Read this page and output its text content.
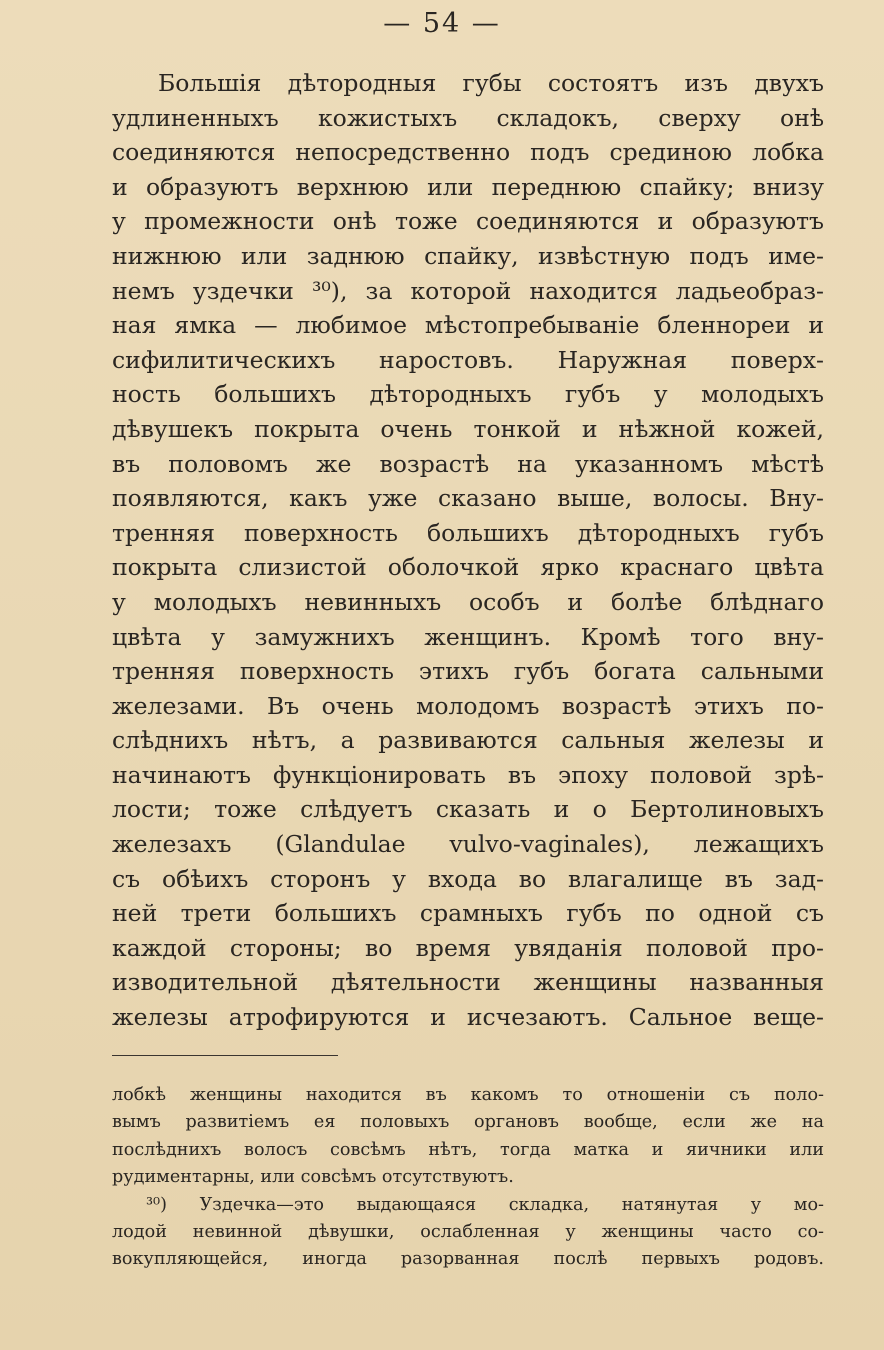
— 54 —
Большія дѣтородныя губы состоятъ изъ двухъ
удлиненныхъ кожистыхъ складокъ, сверху онѣ
соединяются непосредственно подъ срединою лобка
и образуютъ верхнюю или переднюю спайку; внизу
у промежности онѣ тоже соединяются и образуютъ
нижнюю или заднюю спайку, извѣстную подъ име-
немъ уздечки ³⁰), за которой находится ладьеобраз-
ная ямка — любимое мѣстопребываніе бленнореи и
сифилитическихъ наростовъ. Наружная поверх-
ность большихъ дѣтородныхъ губъ у молодыхъ
дѣвушекъ покрыта очень тонкой и нѣжной кожей,
въ половомъ же возрастѣ на указанномъ мѣстѣ
появляются, какъ уже сказано выше, волосы. Вну-
тренняя поверхность большихъ дѣтородныхъ губъ
покрыта слизистой оболочкой ярко краснаго цвѣта
у молодыхъ невинныхъ особъ и болѣе блѣднаго
цвѣта у замужнихъ женщинъ. Кромѣ того вну-
тренняя поверхность этихъ губъ богата сальными
железами. Въ очень молодомъ возрастѣ этихъ по-
слѣднихъ нѣтъ, а развиваются сальныя железы и
начинаютъ функціонировать въ эпоху половой зрѣ-
лости; тоже слѣдуетъ сказать и о Бертолиновыхъ
железахъ (Glandulae vulvo-vaginales), лежащихъ
съ обѣихъ сторонъ у входа во влагалище въ зад-
ней трети большихъ срамныхъ губъ по одной съ
каждой стороны; во время увяданія половой про-
изводительной дѣятельности женщины названныя
железы атрофируются и исчезаютъ. Сальное веще-
лобкѣ женщины находится въ какомъ то отношеніи съ поло-
вымъ развитіемъ ея половыхъ органовъ вообще, если же на
послѣднихъ волосъ совсѣмъ нѣтъ, тогда матка и яичники или
рудиментарны, или совсѣмъ отсутствуютъ.
³⁰) Уздечка—это выдающаяся складка, натянутая у мо-
лодой невинной дѣвушки, ослабленная у женщины часто со-
вокупляющейся, иногда разорванная послѣ первыхъ родовъ.
